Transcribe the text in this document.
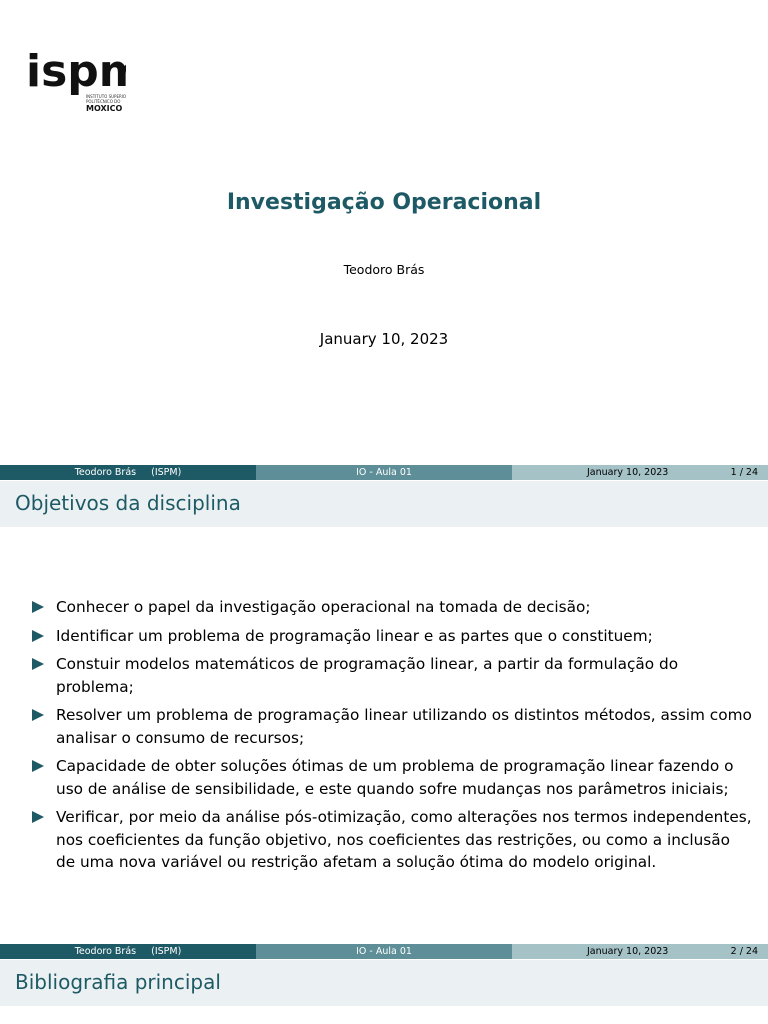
ispm
INSTITUTO SUPERIOR
POLITÉCNICO DO
MOXICO
Investigação Operacional
Teodoro Brás
January 10, 2023
Teodoro Brás (ISPM)	IO - Aula 01	January 10, 2023	1 / 24
Objetivos da disciplina
Conhecer o papel da investigação operacional na tomada de decisão;
Identificar um problema de programação linear e as partes que o constituem;
Constuir modelos matemáticos de programação linear, a partir da formulação do problema;
Resolver um problema de programação linear utilizando os distintos métodos, assim como analisar o consumo de recursos;
Capacidade de obter soluções ótimas de um problema de programação linear fazendo o uso de análise de sensibilidade, e este quando sofre mudanças nos parâmetros iniciais;
Verificar, por meio da análise pós-otimização, como alterações nos termos independentes, nos coeficientes da função objetivo, nos coeficientes das restrições, ou como a inclusão de uma nova variável ou restrição afetam a solução ótima do modelo original.
Teodoro Brás (ISPM)	IO - Aula 01	January 10, 2023	2 / 24
Bibliografia principal
